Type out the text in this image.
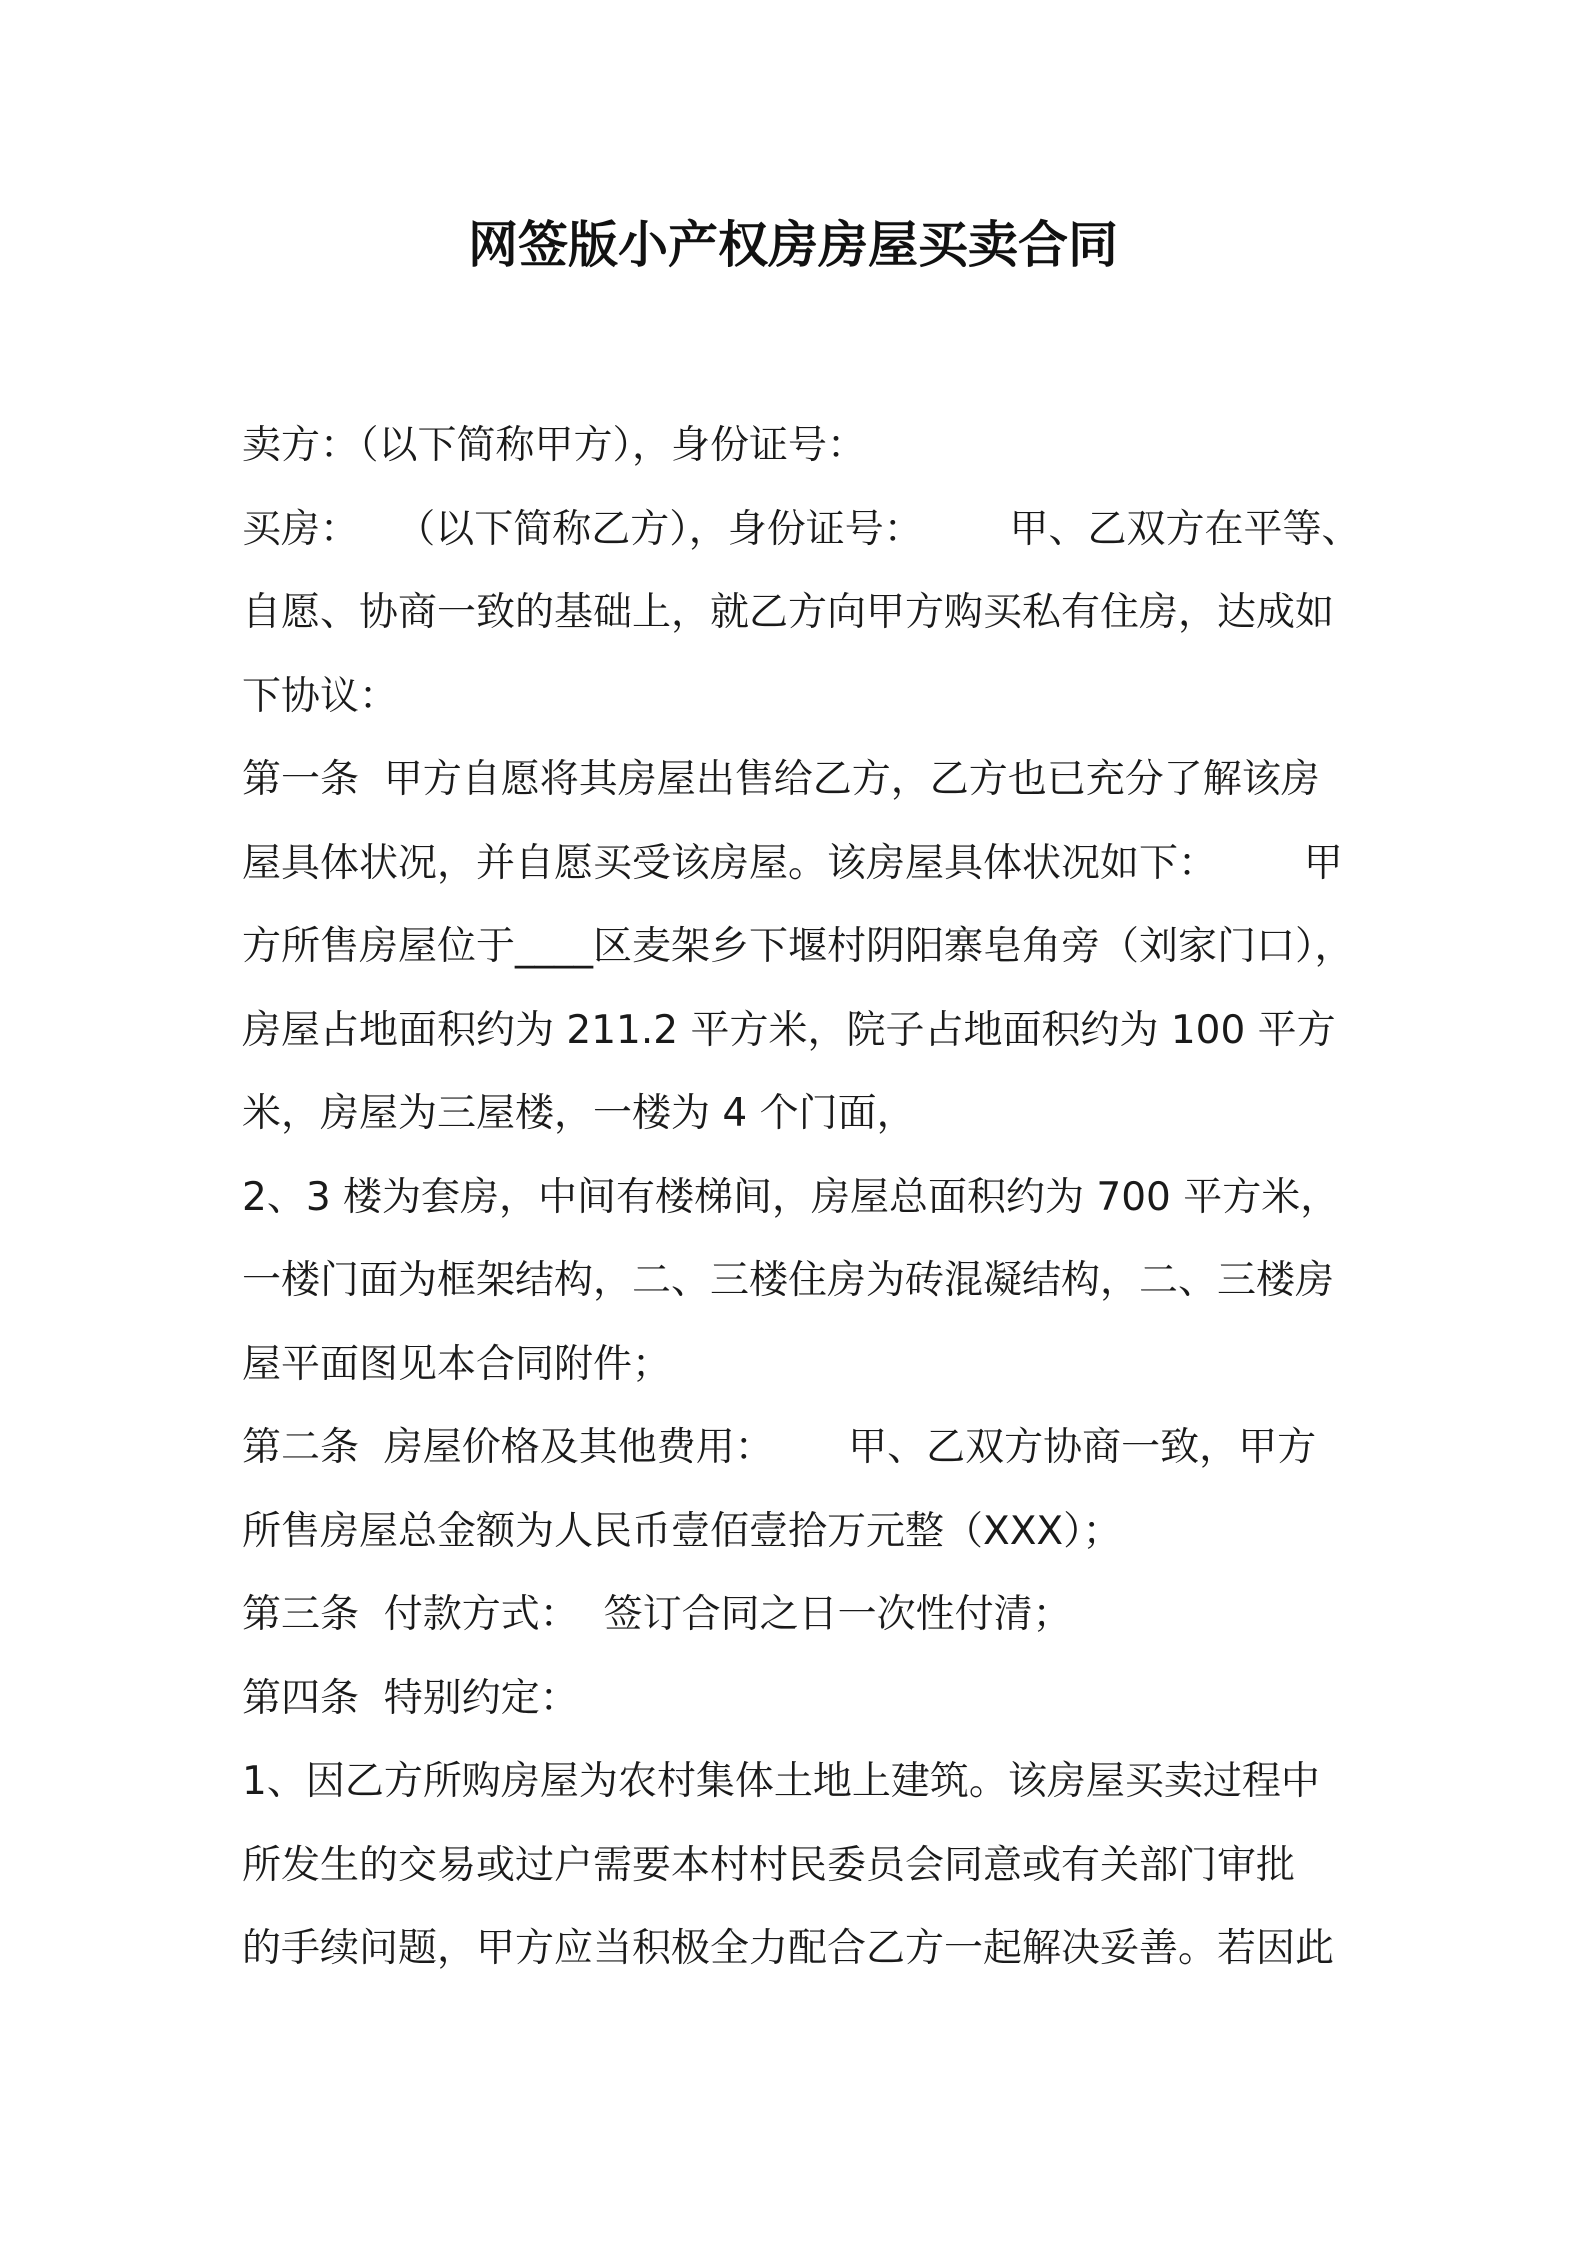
网签版小产权房房屋买卖合同
卖方：（以下简称甲方），身份证号：
买房：   （以下简称乙方），身份证号：       甲、乙双方在平等、
自愿、协商一致的基础上，就乙方向甲方购买私有住房，达成如
下协议：
第一条  甲方自愿将其房屋出售给乙方，乙方也已充分了解该房
屋具体状况，并自愿买受该房屋。该房屋具体状况如下：       甲
方所售房屋位于____区麦架乡下堰村阴阳寨皂角旁（刘家门口），
房屋占地面积约为 211.2 平方米，院子占地面积约为 100 平方
米，房屋为三屋楼，一楼为 4 个门面，
2、3 楼为套房，中间有楼梯间，房屋总面积约为 700 平方米，
一楼门面为框架结构，二、三楼住房为砖混凝结构，二、三楼房
屋平面图见本合同附件；
第二条  房屋价格及其他费用：      甲、乙双方协商一致，甲方
所售房屋总金额为人民币壹佰壹拾万元整（XXX）；
第三条  付款方式：  签订合同之日一次性付清；
第四条  特别约定：
1、因乙方所购房屋为农村集体土地上建筑。该房屋买卖过程中
所发生的交易或过户需要本村村民委员会同意或有关部门审批
的手续问题，甲方应当积极全力配合乙方一起解决妥善。若因此
